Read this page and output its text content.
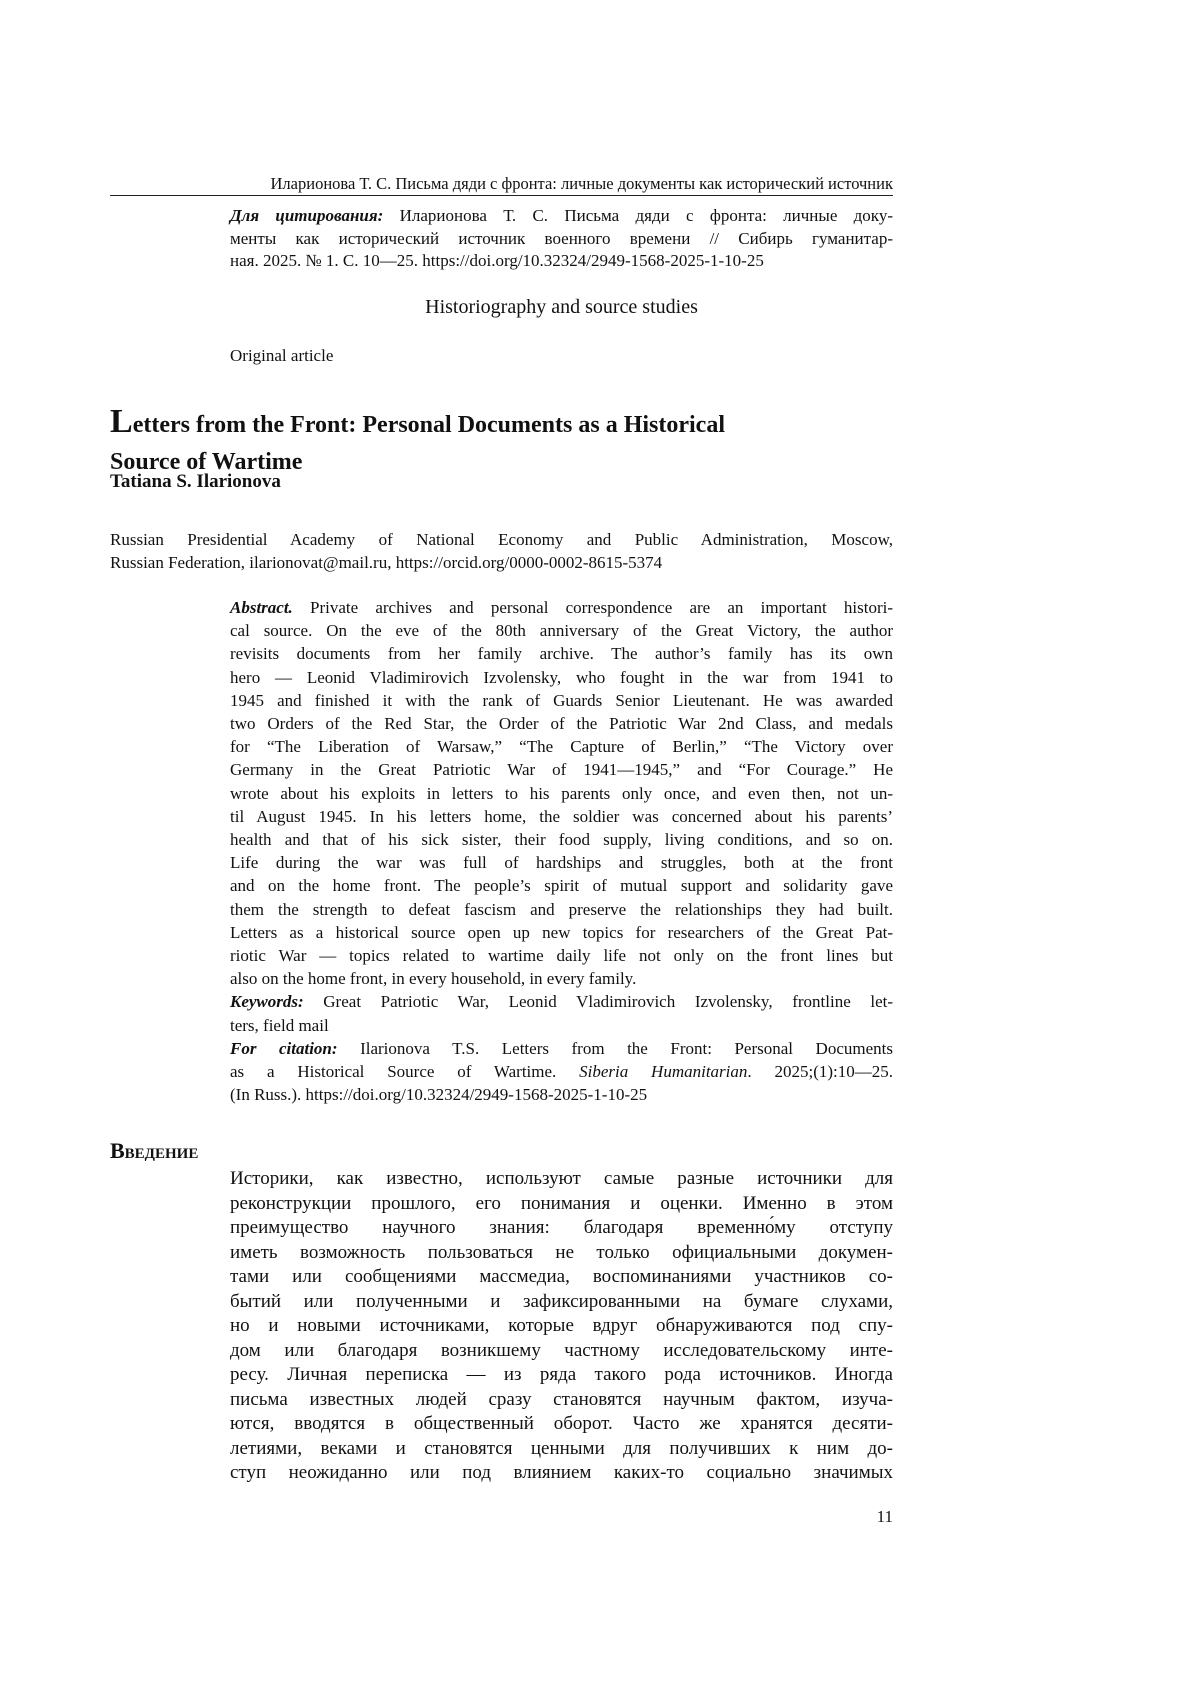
Иларионова Т. С. Письма дяди с фронта: личные документы как исторический источник
Для цитирования: Иларионова Т. С. Письма дяди с фронта: личные доку-
менты как исторический источник военного времени // Сибирь гуманитар-
ная. 2025. № 1. С. 10—25. https://doi.org/10.32324/2949-1568-2025-1-10-25
Historiography and source studies
Original article
Letters from the Front: Personal Documents as a Historical
Source of Wartime
Tatiana S. Ilarionova
Russian Presidential Academy of National Economy and Public Administration, Moscow,
Russian Federation, ilarionovat@mail.ru, https://orcid.org/0000-0002-8615-5374
Abstract. Private archives and personal correspondence are an important histori-
cal source. On the eve of the 80th anniversary of the Great Victory, the author
revisits documents from her family archive. The author’s family has its own
hero — Leonid Vladimirovich Izvolensky, who fought in the war from 1941 to
1945 and finished it with the rank of Guards Senior Lieutenant. He was awarded
two Orders of the Red Star, the Order of the Patriotic War 2nd Class, and medals
for “The Liberation of Warsaw,” “The Capture of Berlin,” “The Victory over
Germany in the Great Patriotic War of 1941—1945,” and “For Courage.” He
wrote about his exploits in letters to his parents only once, and even then, not un-
til August 1945. In his letters home, the soldier was concerned about his parents’
health and that of his sick sister, their food supply, living conditions, and so on.
Life during the war was full of hardships and struggles, both at the front
and on the home front. The people’s spirit of mutual support and solidarity gave
them the strength to defeat fascism and preserve the relationships they had built.
Letters as a historical source open up new topics for researchers of the Great Pat-
riotic War — topics related to wartime daily life not only on the front lines but
also on the home front, in every household, in every family.
Keywords: Great Patriotic War, Leonid Vladimirovich Izvolensky, frontline let-
ters, field mail
For citation: Ilarionova T.S. Letters from the Front: Personal Documents
as a Historical Source of Wartime. Siberia Humanitarian. 2025;(1):10—25.
(In Russ.). https://doi.org/10.32324/2949-1568-2025-1-10-25
Введение
Историки, как известно, используют самые разные источники для
реконструкции прошлого, его понимания и оценки. Именно в этом
преимущество научного знания: благодаря временно́му отступу
иметь возможность пользоваться не только официальными докумен-
тами или сообщениями массмедиа, воспоминаниями участников со-
бытий или полученными и зафиксированными на бумаге слухами,
но и новыми источниками, которые вдруг обнаруживаются под спу-
дом или благодаря возникшему частному исследовательскому инте-
ресу. Личная переписка — из ряда такого рода источников. Иногда
письма известных людей сразу становятся научным фактом, изуча-
ются, вводятся в общественный оборот. Часто же хранятся десяти-
летиями, веками и становятся ценными для получивших к ним до-
ступ неожиданно или под влиянием каких-то социально значимых
11
